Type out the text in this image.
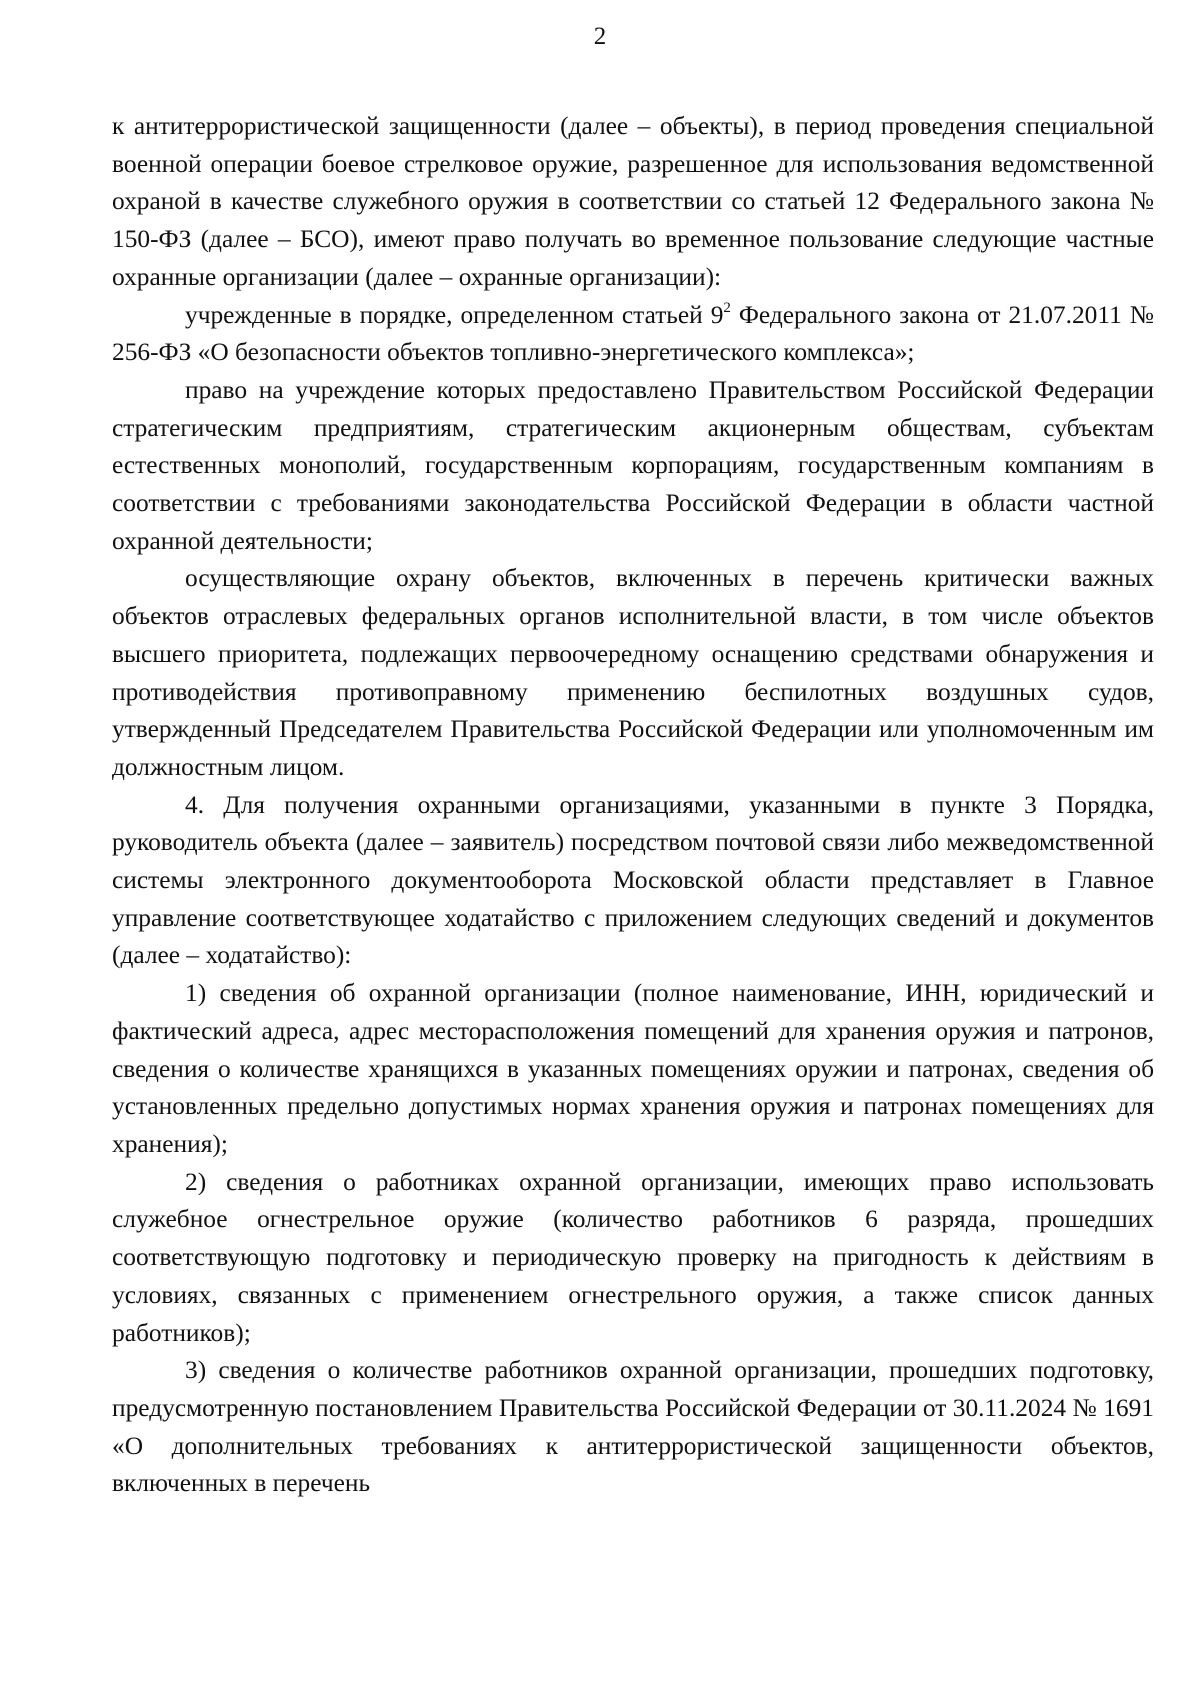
2

к антитеррористической защищенности (далее – объекты), в период проведения специальной военной операции боевое стрелковое оружие, разрешенное для использования ведомственной охраной в качестве служебного оружия в соответствии со статьей 12 Федерального закона № 150-ФЗ (далее – БСО), имеют право получать во временное пользование следующие частные охранные организации (далее – охранные организации):

учрежденные в порядке, определенном статьей $9^2$ Федерального закона от 21.07.2011 № 256-ФЗ «О безопасности объектов топливно-энергетического комплекса»;

право на учреждение которых предоставлено Правительством Российской Федерации стратегическим предприятиям, стратегическим акционерным обществам, субъектам естественных монополий, государственным корпорациям, государственным компаниям в соответствии с требованиями законодательства Российской Федерации в области частной охранной деятельности;

осуществляющие охрану объектов, включенных в перечень критически важных объектов отраслевых федеральных органов исполнительной власти, в том числе объектов высшего приоритета, подлежащих первоочередному оснащению средствами обнаружения и противодействия противоправному применению беспилотных воздушных судов, утвержденный Председателем Правительства Российской Федерации или уполномоченным им должностным лицом.

4. Для получения охранными организациями, указанными в пункте 3 Порядка, руководитель объекта (далее – заявитель) посредством почтовой связи либо межведомственной системы электронного документооборота Московской области представляет в Главное управление соответствующее ходатайство с приложением следующих сведений и документов (далее – ходатайство):

1) сведения об охранной организации (полное наименование, ИНН, юридический и фактический адреса, адрес месторасположения помещений для хранения оружия и патронов, сведения о количестве хранящихся в указанных помещениях оружии и патронах, сведения об установленных предельно допустимых нормах хранения оружия и патронах помещениях для хранения);

2) сведения о работниках охранной организации, имеющих право использовать служебное огнестрельное оружие (количество работников 6 разряда, прошедших соответствующую подготовку и периодическую проверку на пригодность к действиям в условиях, связанных с применением огнестрельного оружия, а также список данных работников);

3) сведения о количестве работников охранной организации, прошедших подготовку, предусмотренную постановлением Правительства Российской Федерации от 30.11.2024 № 1691 «О дополнительных требованиях к антитеррористической защищенности объектов, включенных в перечень
